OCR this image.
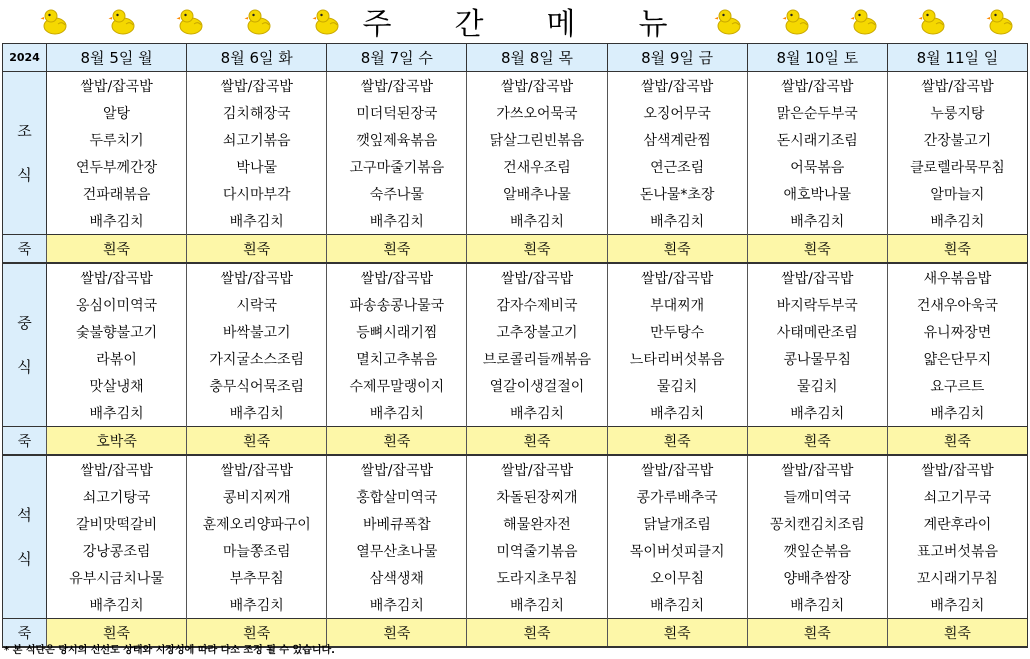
주	간	메	뉴
2024	8월 5일 월	8월 6일 화	8월 7일 수	8월 8일 목	8월 9일 금	8월 10일 토	8월 11일 일

조
식	쌀밥/잡곡밥	쌀밥/잡곡밥	쌀밥/잡곡밥	쌀밥/잡곡밥	쌀밥/잡곡밥	쌀밥/잡곡밥	쌀밥/잡곡밥
	알탕	김치해장국	미더덕된장국	가쓰오어묵국	오징어무국	맑은순두부국	누룽지탕
	두루치기	쇠고기볶음	깻잎제육볶음	닭살그린빈볶음	삼색계란찜	돈시래기조림	간장불고기
	연두부께간장	박나물	고구마줄기볶음	건새우조림	연근조림	어묵볶음	클로렐라묵무침
	건파래볶음	다시마부각	숙주나물	알배추나물	돈나물*초장	애호박나물	알마늘지
	배추김치	배추김치	배추김치	배추김치	배추김치	배추김치	배추김치
죽	흰죽	흰죽	흰죽	흰죽	흰죽	흰죽	흰죽

중
식	쌀밥/잡곡밥	쌀밥/잡곡밥	쌀밥/잡곡밥	쌀밥/잡곡밥	쌀밥/잡곡밥	쌀밥/잡곡밥	새우볶음밥
	옹심이미역국	시락국	파송송콩나물국	감자수제비국	부대찌개	바지락두부국	건새우아욱국
	숯불향불고기	바싹불고기	등뼈시래기찜	고추장불고기	만두탕수	사태메란조림	유니짜장면
	라볶이	가지굴소스조림	멸치고추볶음	브로콜리들깨볶음	느타리버섯볶음	콩나물무침	얇은단무지
	맛살냉채	충무식어묵조림	수제무말랭이지	열갈이생걸절이	물김치	물김치	요구르트
	배추김치	배추김치	배추김치	배추김치	배추김치	배추김치	배추김치
죽	호박죽	흰죽	흰죽	흰죽	흰죽	흰죽	흰죽

석
식	쌀밥/잡곡밥	쌀밥/잡곡밥	쌀밥/잡곡밥	쌀밥/잡곡밥	쌀밥/잡곡밥	쌀밥/잡곡밥	쌀밥/잡곡밥
	쇠고기탕국	콩비지찌개	홍합살미역국	차돌된장찌개	콩가루배추국	들깨미역국	쇠고기무국
	갈비맛떡갈비	훈제오리양파구이	바베큐폭찹	해물완자전	닭날개조림	꽁치캔김치조림	계란후라이
	강낭콩조림	마늘쫑조림	열무산초나물	미역줄기볶음	목이버섯피클지	깻잎순볶음	표고버섯볶음
	유부시금치나물	부추무침	삼색생채	도라지초무침	오이무침	양배추쌈장	꼬시래기무침
	배추김치	배추김치	배추김치	배추김치	배추김치	배추김치	배추김치
죽	흰죽	흰죽	흰죽	흰죽	흰죽	흰죽	흰죽
* 본 식단은 당시의 신선도 상태와 시장성에 따라 다소 조정 될 수 있습니다.
